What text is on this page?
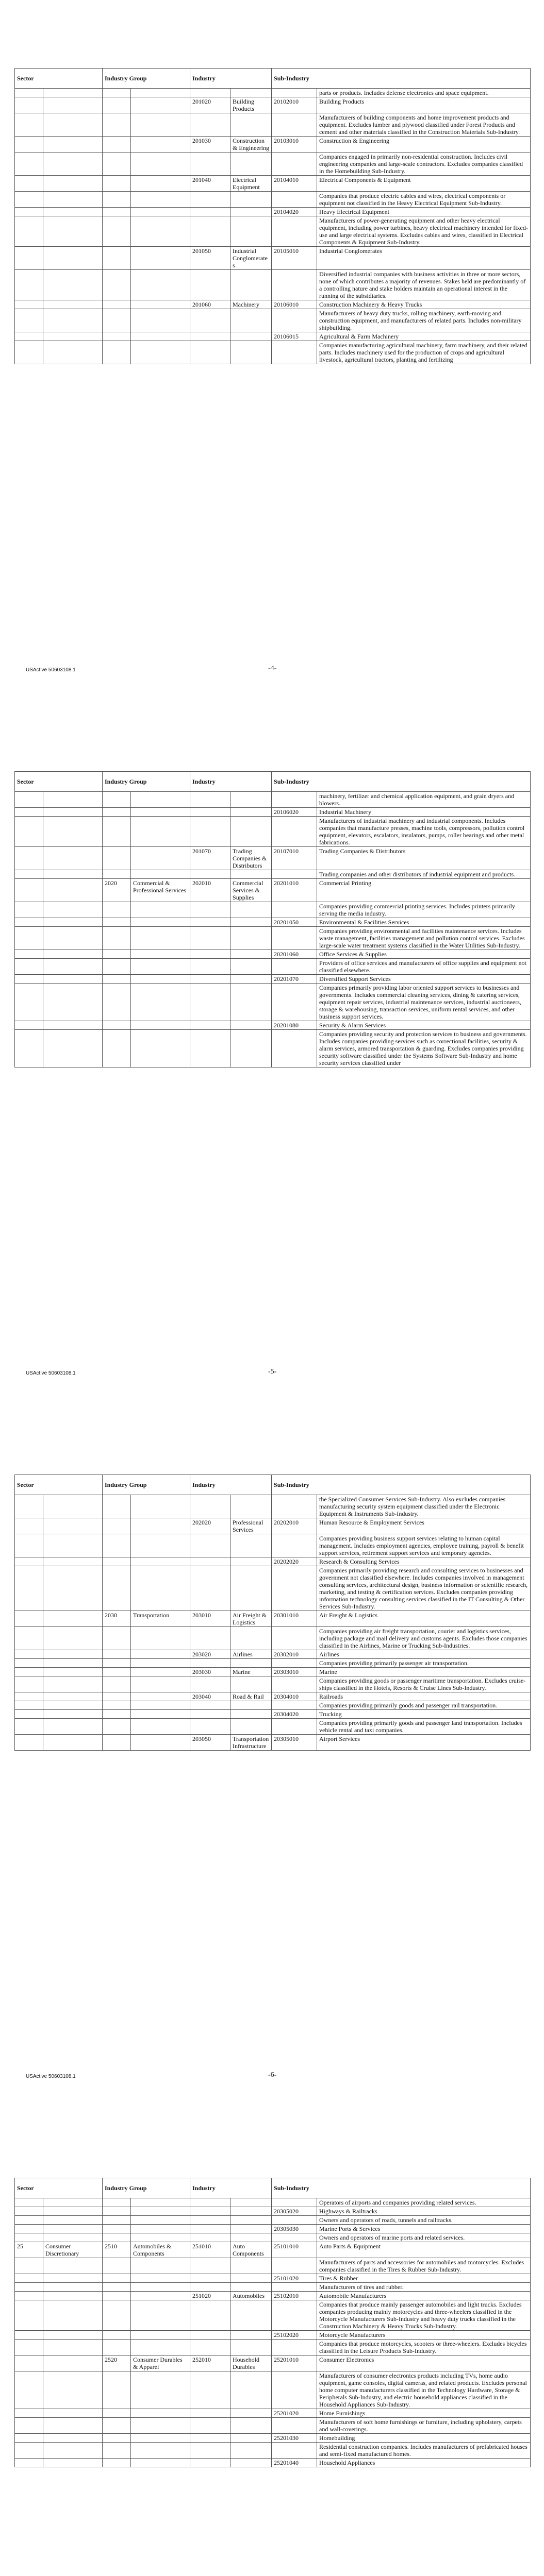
Sector		Industry Group		Industry		Sub-Industry	
							parts or products. Includes defense electronics and space equipment.
				201020	Building Products	20102010	Building Products
							Manufacturers of building components and home improvement products and equipment. Excludes lumber and plywood classified under Forest Products and cement and other materials classified in the Construction Materials Sub-Industry.
				201030	Construction & Engineering	20103010	Construction & Engineering
							Companies engaged in primarily non-residential construction. Includes civil engineering companies and large-scale contractors. Excludes companies classified in the Homebuilding Sub-Industry.
				201040	Electrical Equipment	20104010	Electrical Components & Equipment
							Companies that produce electric cables and wires, electrical components or equipment not classified in the Heavy Electrical Equipment Sub-Industry.
						20104020	Heavy Electrical Equipment
							Manufacturers of power-generating equipment and other heavy electrical equipment, including power turbines, heavy electrical machinery intended for fixed-use and large electrical systems. Excludes cables and wires, classified in Electrical Components & Equipment Sub-Industry.
				201050	Industrial Conglomerates	20105010	Industrial Conglomerates
							Diversified industrial companies with business activities in three or more sectors, none of which contributes a majority of revenues. Stakes held are predominantly of a controlling nature and stake holders maintain an operational interest in the running of the subsidiaries.
				201060	Machinery	20106010	Construction Machinery & Heavy Trucks
							Manufacturers of heavy duty trucks, rolling machinery, earth-moving and construction equipment, and manufacturers of related parts. Includes non-military shipbuilding.
						20106015	Agricultural & Farm Machinery
							Companies manufacturing agricultural machinery, farm machinery, and their related parts. Includes machinery used for the production of crops and agricultural livestock, agricultural tractors, planting and fertilizing
USActive 50603108.1	-4-
Sector		Industry Group		Industry		Sub-Industry	
							machinery, fertilizer and chemical application equipment, and grain dryers and blowers.
						20106020	Industrial Machinery
							Manufacturers of industrial machinery and industrial components. Includes companies that manufacture presses, machine tools, compressors, pollution control equipment, elevators, escalators, insulators, pumps, roller bearings and other metal fabrications.
				201070	Trading Companies & Distributors	20107010	Trading Companies & Distributors
							Trading companies and other distributors of industrial equipment and products.
		2020	Commercial & Professional Services	202010	Commercial Services & Supplies	20201010	Commercial Printing
							Companies providing commercial printing services. Includes printers primarily serving the media industry.
						20201050	Environmental & Facilities Services
							Companies providing environmental and facilities maintenance services. Includes waste management, facilities management and pollution control services. Excludes large-scale water treatment systems classified in the Water Utilities Sub-Industry.
						20201060	Office Services & Supplies
							Providers of office services and manufacturers of office supplies and equipment not classified elsewhere.
						20201070	Diversified Support Services
							Companies primarily providing labor oriented support services to businesses and governments. Includes commercial cleaning services, dining & catering services, equipment repair services, industrial maintenance services, industrial auctioneers, storage & warehousing, transaction services, uniform rental services, and other business support services.
						20201080	Security & Alarm Services
							Companies providing security and protection services to business and governments. Includes companies providing services such as correctional facilities, security & alarm services, armored transportation & guarding. Excludes companies providing security software classified under the Systems Software Sub-Industry and home security services classified under
USActive 50603108.1	-5-
Sector		Industry Group		Industry		Sub-Industry	
							the Specialized Consumer Services Sub-Industry. Also excludes companies manufacturing security system equipment classified under the Electronic Equipment & Instruments Sub-Industry.
				202020	Professional Services	20202010	Human Resource & Employment Services
							Companies providing business support services relating to human capital management. Includes employment agencies, employee training, payroll & benefit support services, retirement support services and temporary agencies.
						20202020	Research & Consulting Services
							Companies primarily providing research and consulting services to businesses and government not classified elsewhere. Includes companies involved in management consulting services, architectural design, business information or scientific research, marketing, and testing & certification services. Excludes companies providing information technology consulting services classified in the IT Consulting & Other Services Sub-Industry.
		2030	Transportation	203010	Air Freight & Logistics	20301010	Air Freight & Logistics
							Companies providing air freight transportation, courier and logistics services, including package and mail delivery and customs agents. Excludes those companies classified in the Airlines, Marine or Trucking Sub-Industries.
				203020	Airlines	20302010	Airlines
							Companies providing primarily passenger air transportation.
				203030	Marine	20303010	Marine
							Companies providing goods or passenger maritime transportation. Excludes cruise-ships classified in the Hotels, Resorts & Cruise Lines Sub-Industry.
				203040	Road & Rail	20304010	Railroads
							Companies providing primarily goods and passenger rail transportation.
						20304020	Trucking
							Companies providing primarily goods and passenger land transportation. Includes vehicle rental and taxi companies.
				203050	Transportation Infrastructure	20305010	Airport Services
USActive 50603108.1	-6-
Sector		Industry Group		Industry		Sub-Industry	
							Operators of airports and companies providing related services.
						20305020	Highways & Railtracks
							Owners and operators of roads, tunnels and railtracks.
						20305030	Marine Ports & Services
							Owners and operators of marine ports and related services.
25	Consumer Discretionary	2510	Automobiles & Components	251010	Auto Components	25101010	Auto Parts & Equipment
							Manufacturers of parts and accessories for automobiles and motorcycles. Excludes companies classified in the Tires & Rubber Sub-Industry.
						25101020	Tires & Rubber
							Manufacturers of tires and rubber.
				251020	Automobiles	25102010	Automobile Manufacturers
							Companies that produce mainly passenger automobiles and light trucks. Excludes companies producing mainly motorcycles and three-wheelers classified in the Motorcycle Manufacturers Sub-Industry and heavy duty trucks classified in the Construction Machinery & Heavy Trucks Sub-Industry.
						25102020	Motorcycle Manufacturers
							Companies that produce motorcycles, scooters or three-wheelers. Excludes bicycles classified in the Leisure Products Sub-Industry.
		2520	Consumer Durables & Apparel	252010	Household Durables	25201010	Consumer Electronics
							Manufacturers of consumer electronics products including TVs, home audio equipment, game consoles, digital cameras, and related products. Excludes personal home computer manufacturers classified in the Technology Hardware, Storage & Peripherals Sub-Industry, and electric household appliances classified in the Household Appliances Sub-Industry.
						25201020	Home Furnishings
							Manufacturers of soft home furnishings or furniture, including upholstery, carpets and wall-coverings.
						25201030	Homebuilding
							Residential construction companies. Includes manufacturers of prefabricated houses and semi-fixed manufactured homes.
						25201040	Household Appliances
